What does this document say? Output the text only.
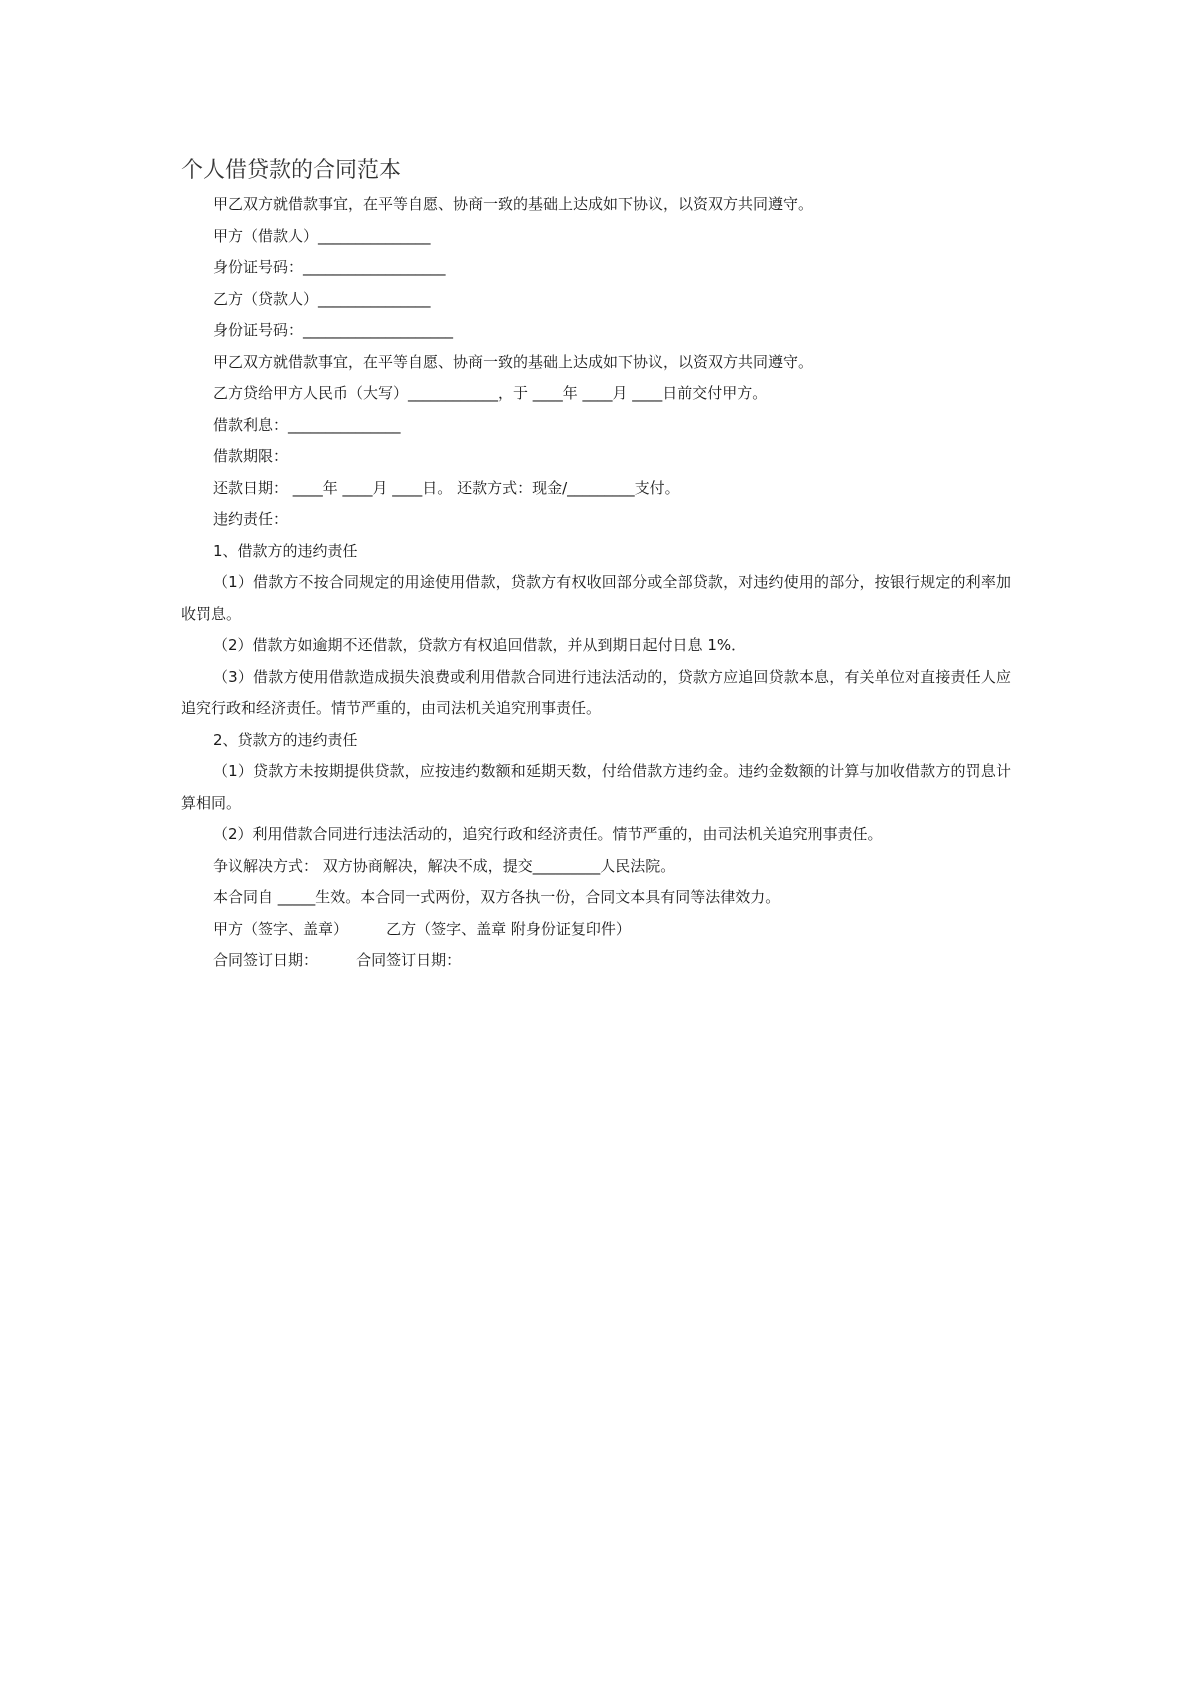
个人借贷款的合同范本

甲乙双方就借款事宜，在平等自愿、协商一致的基础上达成如下协议，以资双方共同遵守。

甲方（借款人）_______________

身份证号码：___________________

乙方（贷款人）_______________

身份证号码：____________________

甲乙双方就借款事宜，在平等自愿、协商一致的基础上达成如下协议，以资双方共同遵守。

乙方贷给甲方人民币（大写）____________，于 ____年 ____月 ____日前交付甲方。

借款利息：_______________

借款期限：

还款日期： ____年 ____月 ____日。 还款方式：现金/_________支付。

违约责任：

1、借款方的违约责任

（1）借款方不按合同规定的用途使用借款，贷款方有权收回部分或全部贷款，对违约使用的部分，按银行规定的利率加收罚息。

（2）借款方如逾期不还借款，贷款方有权追回借款，并从到期日起付日息 1%．

（3）借款方使用借款造成损失浪费或利用借款合同进行违法活动的，贷款方应追回贷款本息，有关单位对直接责任人应追究行政和经济责任。情节严重的，由司法机关追究刑事责任。

2、贷款方的违约责任

（1）贷款方未按期提供贷款，应按违约数额和延期天数，付给借款方违约金。违约金数额的计算与加收借款方的罚息计算相同。

（2）利用借款合同进行违法活动的，追究行政和经济责任。情节严重的，由司法机关追究刑事责任。

争议解决方式： 双方协商解决，解决不成，提交_________人民法院。

本合同自 _____生效。本合同一式两份，双方各执一份，合同文本具有同等法律效力。

甲方（签字、盖章）        乙方（签字、盖章 附身份证复印件）

合同签订日期：        合同签订日期：
